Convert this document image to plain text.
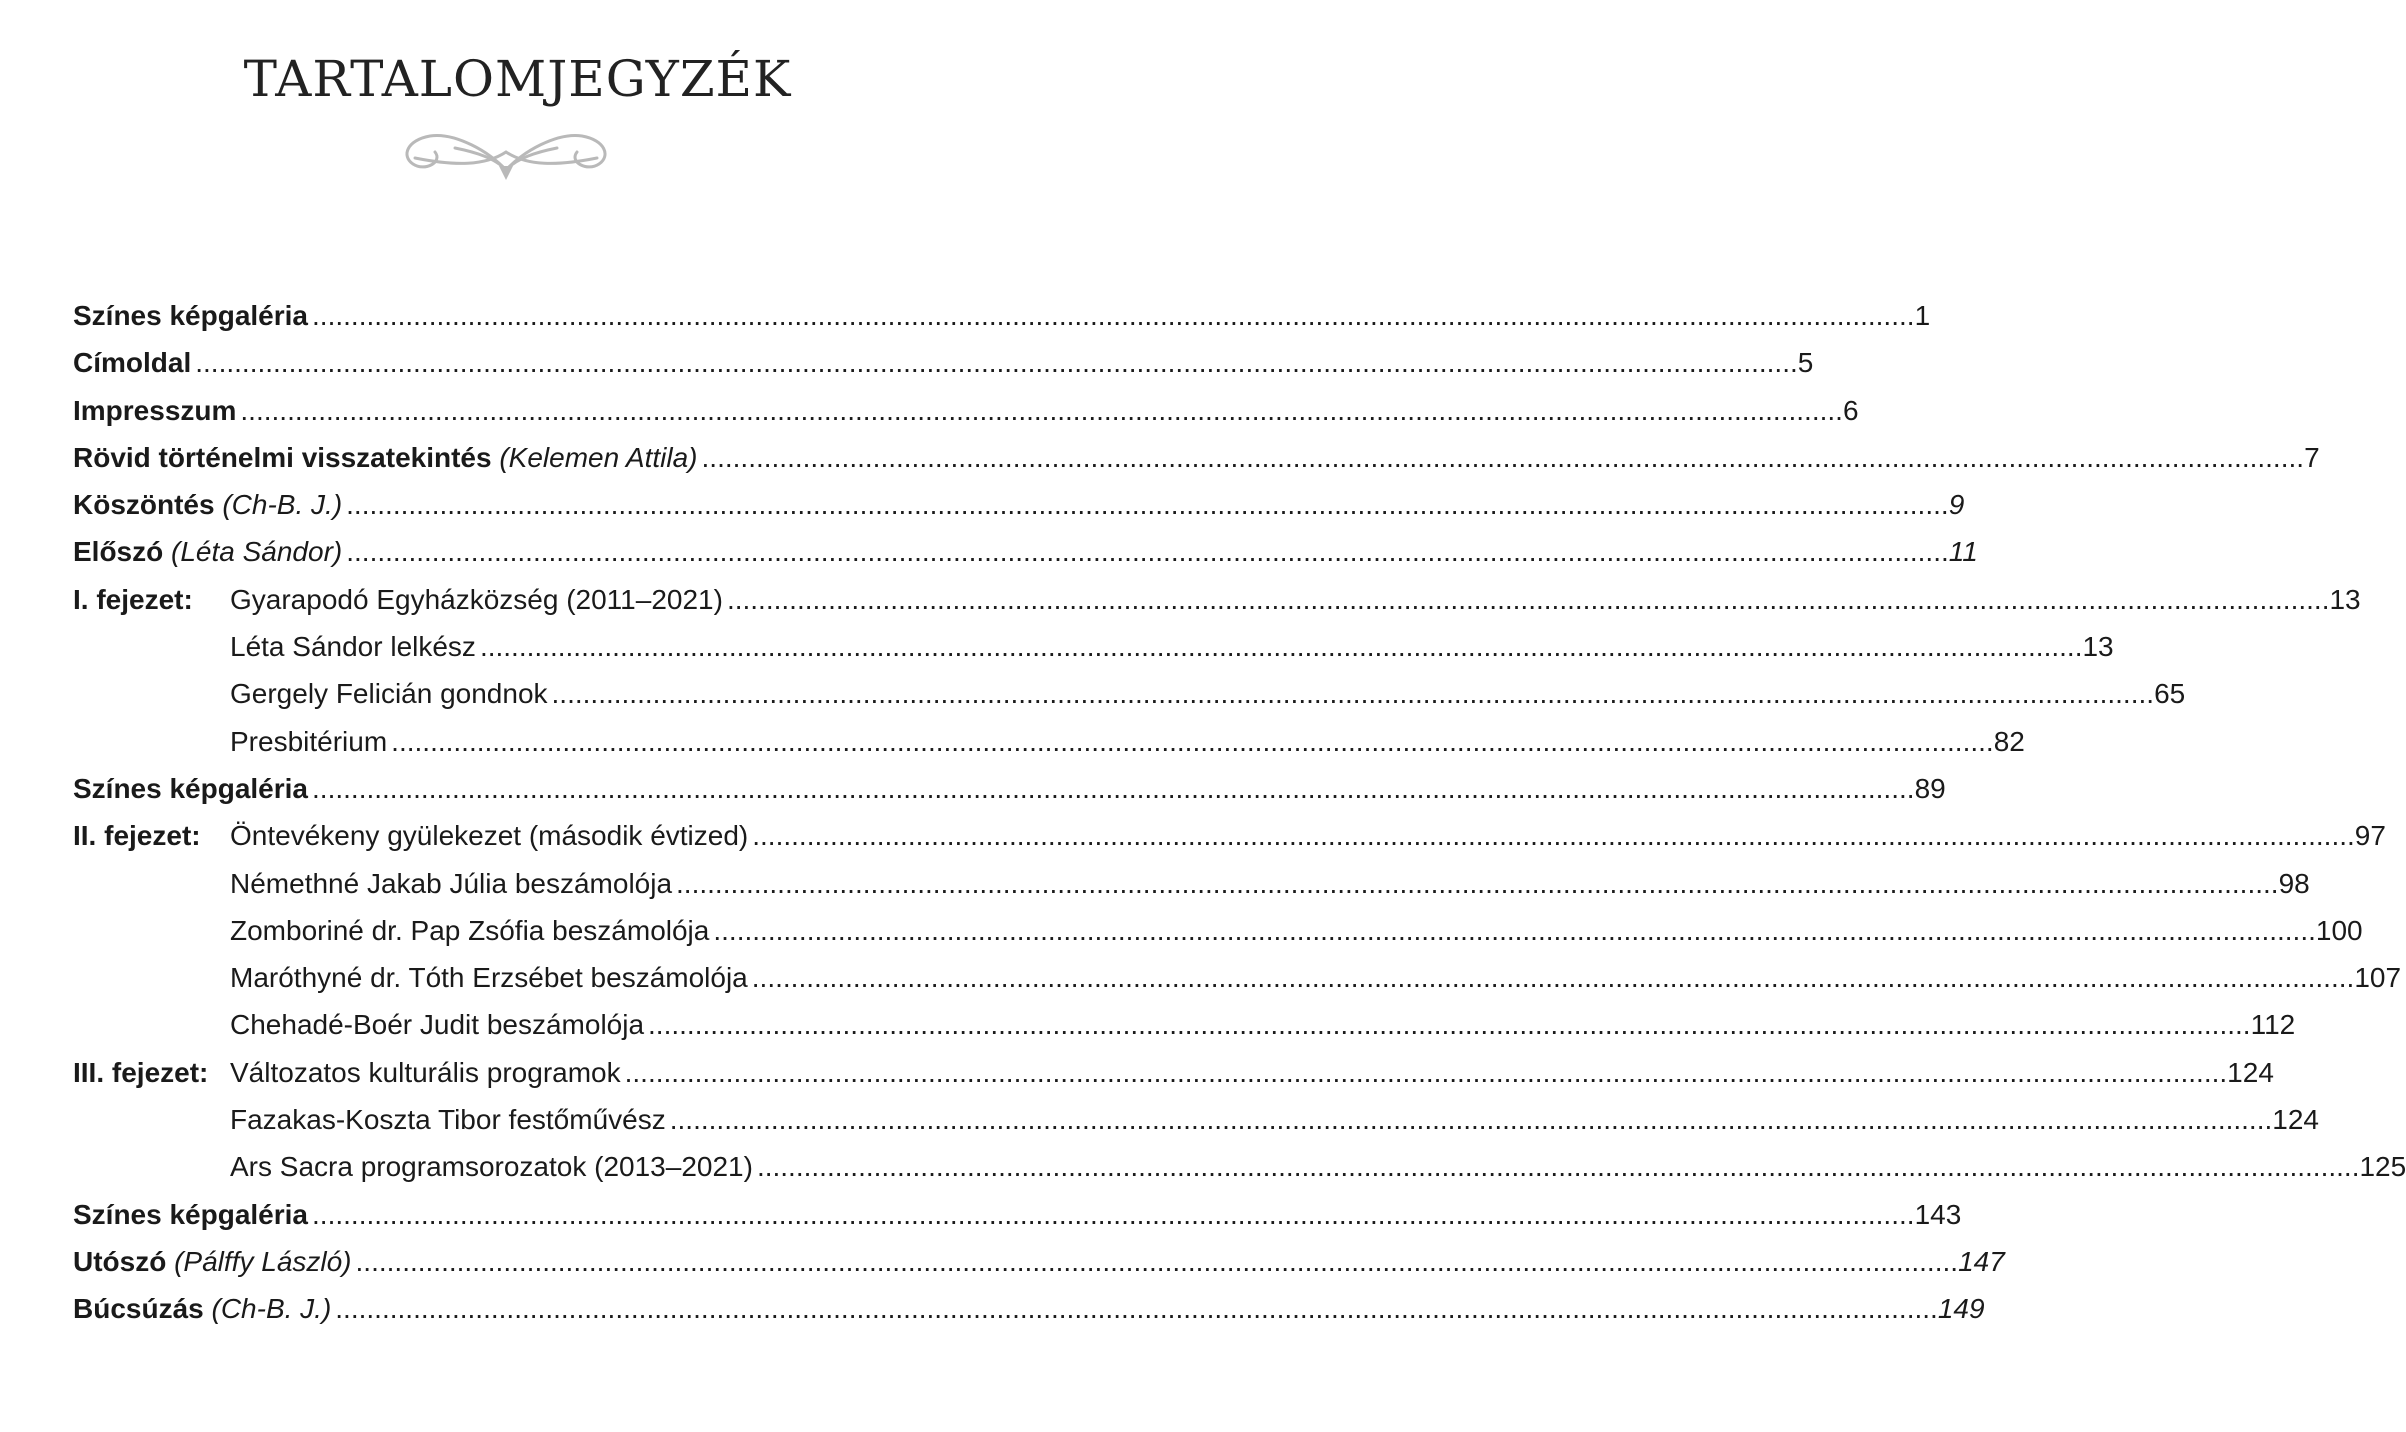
TARTALOMJEGYZÉK
Színes képgaléria .....	1
Címoldal .....	5
Impresszum .....	6
Rövid történelmi visszatekintés (Kelemen Attila) .....	7
Köszöntés (Ch-B. J.) .....	9
Előszó (Léta Sándor) .....	11
I. fejezet:	Gyarapodó Egyházközség (2011–2021) .....	13
Léta Sándor lelkész .....	13
Gergely Felicián gondnok .....	65
Presbitérium .....	82
Színes képgaléria .....	89
II. fejezet:	Öntevékeny gyülekezet (második évtized) .....	97
Némethné Jakab Júlia beszámolója .....	98
Zomboriné dr. Pap Zsófia beszámolója .....	100
Maróthyné dr. Tóth Erzsébet beszámolója .....	107
Chehadé-Boér Judit beszámolója .....	112
III. fejezet: Változatos kulturális programok .....	124
Fazakas-Koszta Tibor festőművész .....	124
Ars Sacra programsorozatok (2013–2021) .....	125
Színes képgaléria .....	143
Utószó (Pálffy László) .....	147
Búcsúzás (Ch-B. J.) .....	149
